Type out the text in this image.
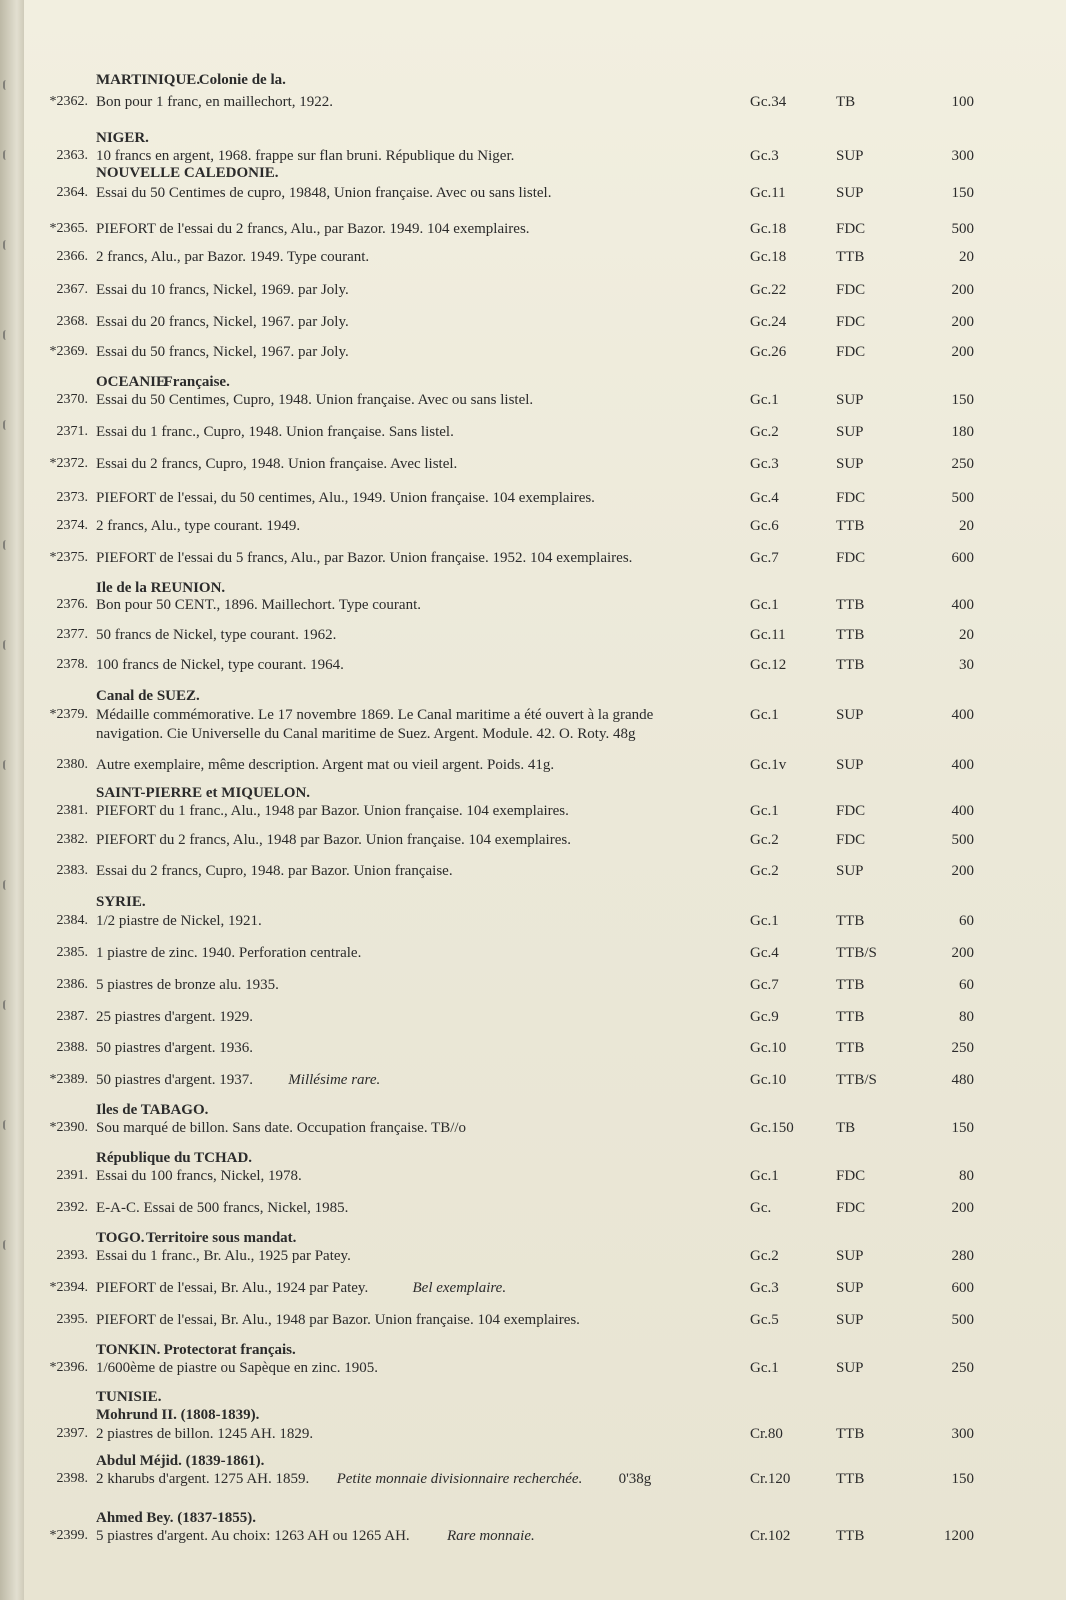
MARTINIQUE.
Colonie de la.
*2362. Bon pour 1 franc, en maillechort, 1922.	Gc.34	TB	100
NIGER.
2363. 10 francs en argent, 1968. frappe sur flan bruni. République du Niger.	Gc.3	SUP	300
NOUVELLE CALEDONIE.
2364. Essai du 50 Centimes de cupro, 19848, Union française. Avec ou sans listel.	Gc.11	SUP	150
*2365. PIEFORT de l'essai du 2 francs, Alu., par Bazor. 1949. 104 exemplaires.	Gc.18	FDC	500
2366. 2 francs, Alu., par Bazor. 1949. Type courant.	Gc.18	TTB	20
2367. Essai du 10 francs, Nickel, 1969. par Joly.	Gc.22	FDC	200
2368. Essai du 20 francs, Nickel, 1967. par Joly.	Gc.24	FDC	200
*2369. Essai du 50 francs, Nickel, 1967. par Joly.	Gc.26	FDC	200
OCEANIE
Française.
2370. Essai du 50 Centimes, Cupro, 1948. Union française. Avec ou sans listel.	Gc.1	SUP	150
2371. Essai du 1 franc., Cupro, 1948. Union française. Sans listel.	Gc.2	SUP	180
*2372. Essai du 2 francs, Cupro, 1948. Union française. Avec listel.	Gc.3	SUP	250
2373. PIEFORT de l'essai, du 50 centimes, Alu., 1949. Union française. 104 exemplaires.	Gc.4	FDC	500
2374. 2 francs, Alu., type courant. 1949.	Gc.6	TTB	20
*2375. PIEFORT de l'essai du 5 francs, Alu., par Bazor. Union française. 1952. 104 exemplaires.	Gc.7	FDC	600
Ile de la REUNION.
2376. Bon pour 50 CENT., 1896. Maillechort. Type courant.	Gc.1	TTB	400
2377. 50 francs de Nickel, type courant. 1962.	Gc.11	TTB	20
2378. 100 francs de Nickel, type courant. 1964.	Gc.12	TTB	30
Canal de SUEZ.
*2379. Médaille commémorative. Le 17 novembre 1869. Le Canal maritime a été ouvert à la grande	Gc.1	SUP	400
navigation. Cie Universelle du Canal maritime de Suez. Argent. Module. 42. O. Roty. 48g
2380. Autre exemplaire, même description. Argent mat ou vieil argent. Poids. 41g.	Gc.1v	SUP	400
SAINT-PIERRE et MIQUELON.
2381. PIEFORT du 1 franc., Alu., 1948 par Bazor. Union française. 104 exemplaires.	Gc.1	FDC	400
2382. PIEFORT du 2 francs, Alu., 1948 par Bazor. Union française. 104 exemplaires.	Gc.2	FDC	500
2383. Essai du 2 francs, Cupro, 1948. par Bazor. Union française.	Gc.2	SUP	200
SYRIE.
2384. 1/2 piastre de Nickel, 1921.	Gc.1	TTB	60
2385. 1 piastre de zinc. 1940. Perforation centrale.	Gc.4	TTB/S	200
2386. 5 piastres de bronze alu. 1935.	Gc.7	TTB	60
2387. 25 piastres d'argent. 1929.	Gc.9	TTB	80
2388. 50 piastres d'argent. 1936.	Gc.10	TTB	250
*2389. 50 piastres d'argent. 1937. Millésime rare.	Gc.10	TTB/S	480
Iles de TABAGO.
*2390. Sou marqué de billon. Sans date. Occupation française. TB//o	Gc.150	TB	150
République du TCHAD.
2391. Essai du 100 francs, Nickel, 1978.	Gc.1	FDC	80
2392. E-A-C. Essai de 500 francs, Nickel, 1985.	Gc.	FDC	200
TOGO. Territoire sous mandat.
2393. Essai du 1 franc., Br. Alu., 1925 par Patey.	Gc.2	SUP	280
*2394. PIEFORT de l'essai, Br. Alu., 1924 par Patey.	Bel exemplaire.	Gc.3	SUP	600
2395. PIEFORT de l'essai, Br. Alu., 1948 par Bazor. Union française. 104 exemplaires.	Gc.5	SUP	500
TONKIN. Protectorat français.
*2396. 1/600ème de piastre ou Sapèque en zinc. 1905.	Gc.1	SUP	250
TUNISIE.
Mohrund II. (1808-1839).
2397. 2 piastres de billon. 1245 AH. 1829.	Cr.80	TTB	300
Abdul Méjid. (1839-1861).
2398. 2 kharubs d'argent. 1275 AH. 1859. Petite monnaie divisionnaire recherchée. 0'38g	Cr.120	TTB	150
Ahmed Bey. (1837-1855).
*2399. 5 piastres d'argent. Au choix: 1263 AH ou 1265 AH. Rare monnaie.	Cr.102	TTB	1200
